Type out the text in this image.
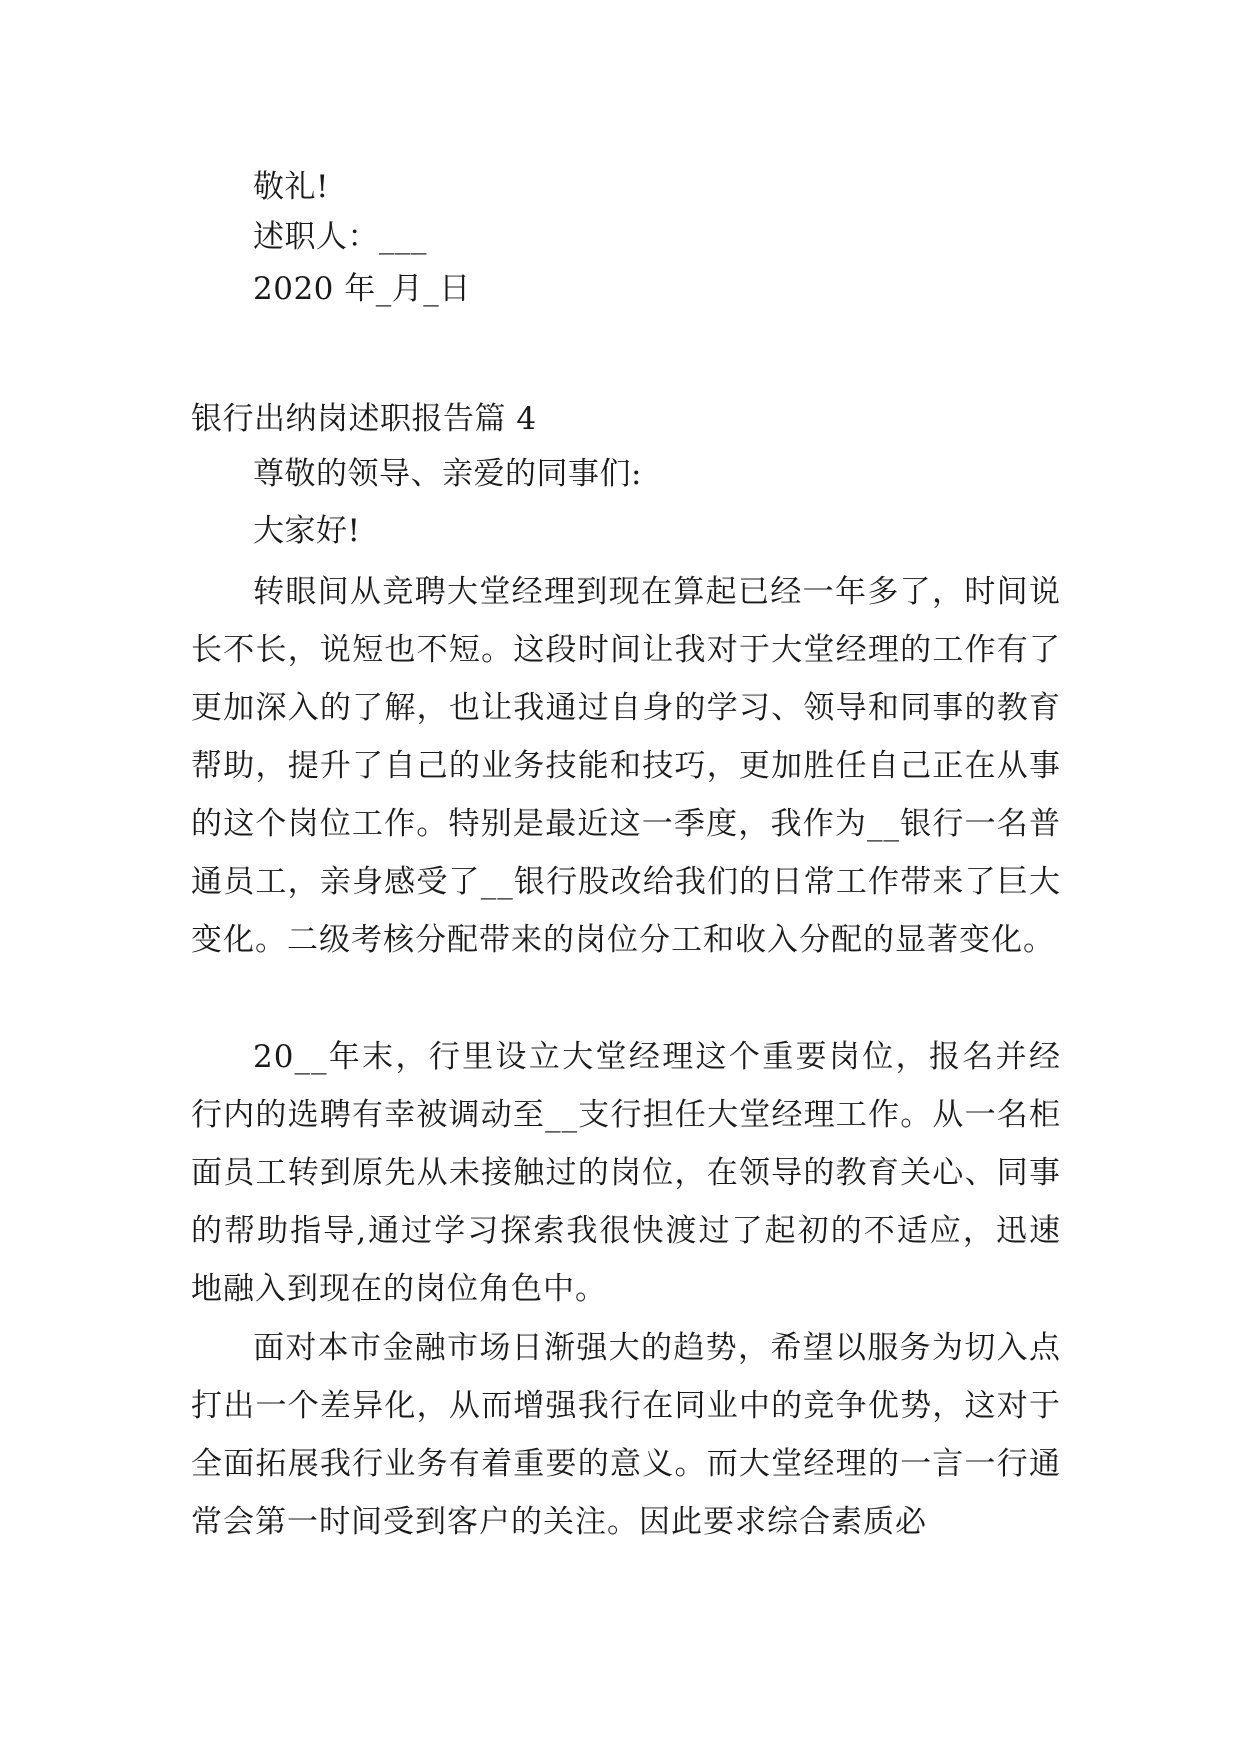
敬礼!
述职人：___
2020 年_月_日
银行出纳岗述职报告篇 4
尊敬的领导、亲爱的同事们:
大家好!

转眼间从竞聘大堂经理到现在算起已经一年多了，时间说长不长，说短也不短。这段时间让我对于大堂经理的工作有了更加深入的了解，也让我通过自身的学习、领导和同事的教育帮助，提升了自己的业务技能和技巧，更加胜任自己正在从事的这个岗位工作。特别是最近这一季度，我作为__银行一名普通员工，亲身感受了__银行股改给我们的日常工作带来了巨大变化。二级考核分配带来的岗位分工和收入分配的显著变化。

20__年末，行里设立大堂经理这个重要岗位，报名并经行内的选聘有幸被调动至__支行担任大堂经理工作。从一名柜面员工转到原先从未接触过的岗位，在领导的教育关心、同事的帮助指导,通过学习探索我很快渡过了起初的不适应，迅速地融入到现在的岗位角色中。

面对本市金融市场日渐强大的趋势，希望以服务为切入点打出一个差异化，从而增强我行在同业中的竞争优势，这对于全面拓展我行业务有着重要的意义。而大堂经理的一言一行通常会第一时间受到客户的关注。因此要求综合素质必
